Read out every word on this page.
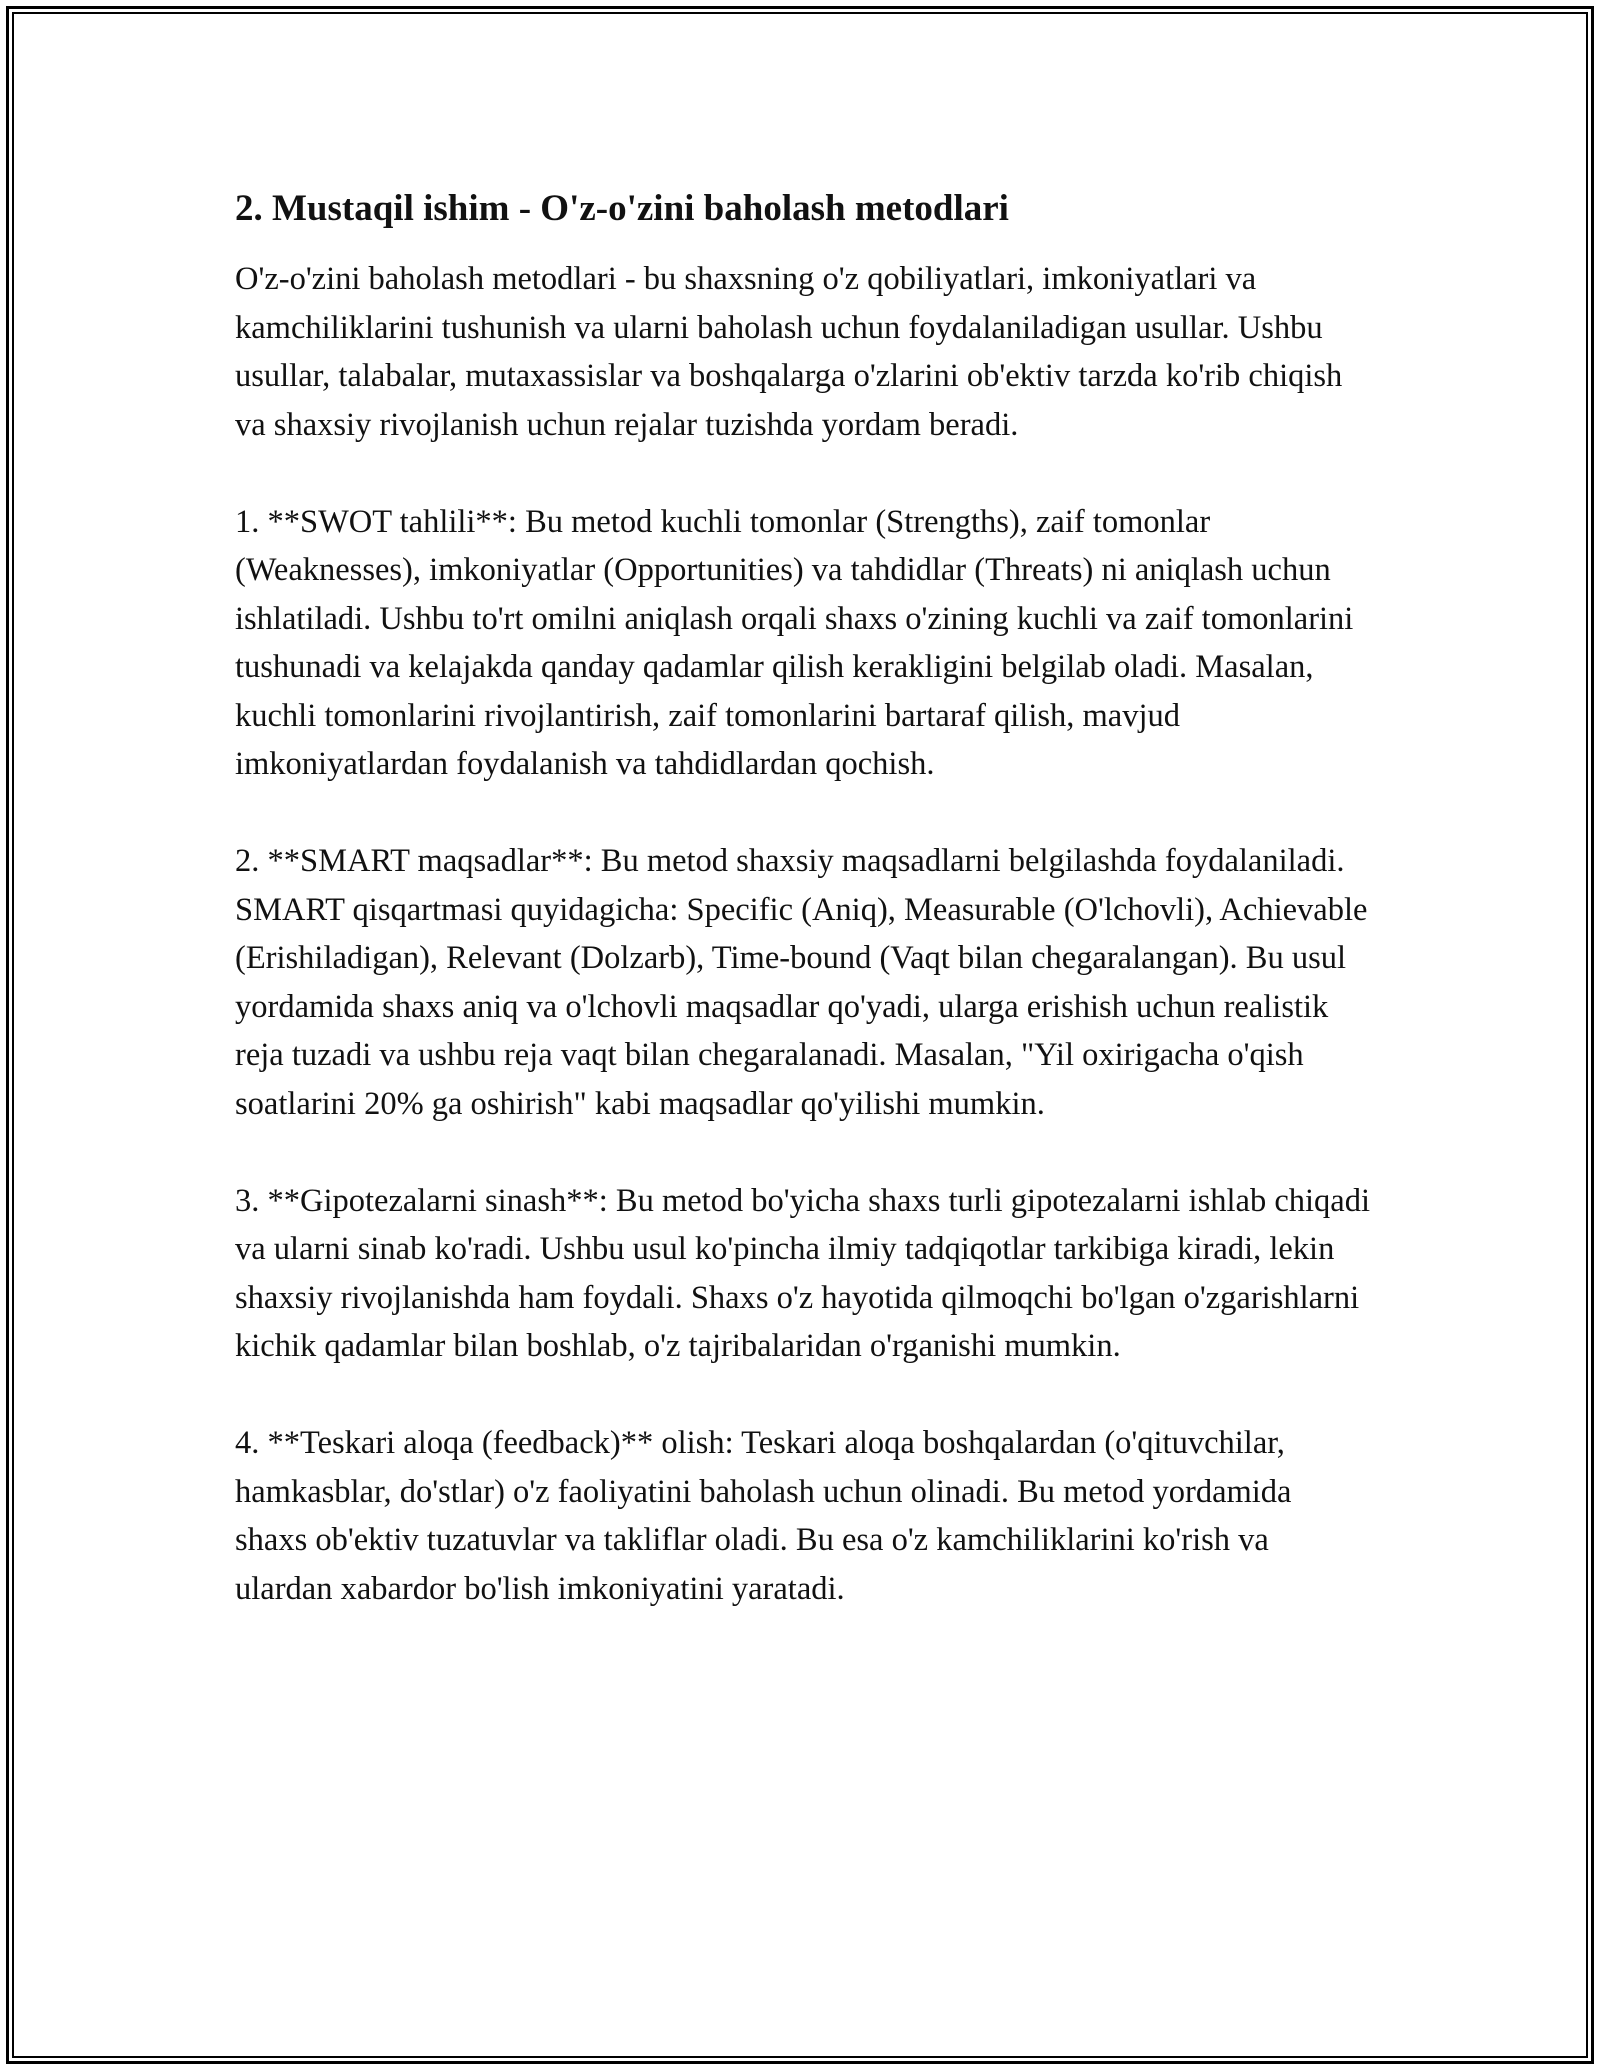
2. Mustaqil ishim - O'z-o'zini baholash metodlari

O'z-o'zini baholash metodlari - bu shaxsning o'z qobiliyatlari, imkoniyatlari va kamchiliklarini tushunish va ularni baholash uchun foydalaniladigan usullar. Ushbu usullar, talabalar, mutaxassislar va boshqalarga o'zlarini ob'ektiv tarzda ko'rib chiqish va shaxsiy rivojlanish uchun rejalar tuzishda yordam beradi.

1. **SWOT tahlili**: Bu metod kuchli tomonlar (Strengths), zaif tomonlar (Weaknesses), imkoniyatlar (Opportunities) va tahdidlar (Threats) ni aniqlash uchun ishlatiladi. Ushbu to'rt omilni aniqlash orqali shaxs o'zining kuchli va zaif tomonlarini tushunadi va kelajakda qanday qadamlar qilish kerakligini belgilab oladi. Masalan, kuchli tomonlarini rivojlantirish, zaif tomonlarini bartaraf qilish, mavjud imkoniyatlardan foydalanish va tahdidlardan qochish.

2. **SMART maqsadlar**: Bu metod shaxsiy maqsadlarni belgilashda foydalaniladi. SMART qisqartmasi quyidagicha: Specific (Aniq), Measurable (O'lchovli), Achievable (Erishiladigan), Relevant (Dolzarb), Time-bound (Vaqt bilan chegaralangan). Bu usul yordamida shaxs aniq va o'lchovli maqsadlar qo'yadi, ularga erishish uchun realistik reja tuzadi va ushbu reja vaqt bilan chegaralanadi. Masalan, "Yil oxirigacha o'qish soatlarini 20% ga oshirish" kabi maqsadlar qo'yilishi mumkin.

3. **Gipotezalarni sinash**: Bu metod bo'yicha shaxs turli gipotezalarni ishlab chiqadi va ularni sinab ko'radi. Ushbu usul ko'pincha ilmiy tadqiqotlar tarkibiga kiradi, lekin shaxsiy rivojlanishda ham foydali. Shaxs o'z hayotida qilmoqchi bo'lgan o'zgarishlarni kichik qadamlar bilan boshlab, o'z tajribalaridan o'rganishi mumkin.

4. **Teskari aloqa (feedback)** olish: Teskari aloqa boshqalardan (o'qituvchilar, hamkasblar, do'stlar) o'z faoliyatini baholash uchun olinadi. Bu metod yordamida shaxs ob'ektiv tuzatuvlar va takliflar oladi. Bu esa o'z kamchiliklarini ko'rish va ulardan xabardor bo'lish imkoniyatini yaratadi.
